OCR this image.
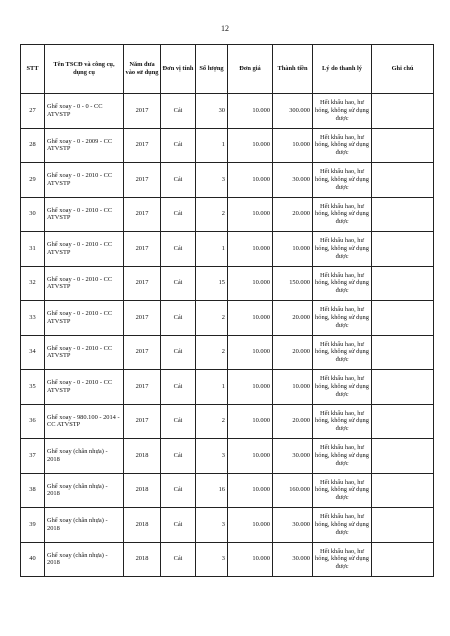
12
STT	Tên TSCĐ và công cụ, dụng cụ	Năm đưa vào sử dụng	Đơn vị tính	Số lượng	Đơn giá	Thành tiền	Lý do thanh lý	Ghi chú
27	Ghế xoay - 0 - 0 - CC ATVSTP	2017	Cái	30	10.000	300.000	Hết khấu hao, hư hỏng, không sử dụng được	
28	Ghế xoay - 0 - 2009 - CC ATVSTP	2017	Cái	1	10.000	10.000	Hết khấu hao, hư hỏng, không sử dụng được	
29	Ghế xoay - 0 - 2010 - CC ATVSTP	2017	Cái	3	10.000	30.000	Hết khấu hao, hư hỏng, không sử dụng được	
30	Ghế xoay - 0 - 2010 - CC ATVSTP	2017	Cái	2	10.000	20.000	Hết khấu hao, hư hỏng, không sử dụng được	
31	Ghế xoay - 0 - 2010 - CC ATVSTP	2017	Cái	1	10.000	10.000	Hết khấu hao, hư hỏng, không sử dụng được	
32	Ghế xoay - 0 - 2010 - CC ATVSTP	2017	Cái	15	10.000	150.000	Hết khấu hao, hư hỏng, không sử dụng được	
33	Ghế xoay - 0 - 2010 - CC ATVSTP	2017	Cái	2	10.000	20.000	Hết khấu hao, hư hỏng, không sử dụng được	
34	Ghế xoay - 0 - 2010 - CC ATVSTP	2017	Cái	2	10.000	20.000	Hết khấu hao, hư hỏng, không sử dụng được	
35	Ghế xoay - 0 - 2010 - CC ATVSTP	2017	Cái	1	10.000	10.000	Hết khấu hao, hư hỏng, không sử dụng được	
36	Ghế xoay - 980.100 - 2014 - CC ATVSTP	2017	Cái	2	10.000	20.000	Hết khấu hao, hư hỏng, không sử dụng được	
37	Ghế xoay (chân nhựa) - 2018	2018	Cái	3	10.000	30.000	Hết khấu hao, hư hỏng, không sử dụng được	
38	Ghế xoay (chân nhựa) - 2018	2018	Cái	16	10.000	160.000	Hết khấu hao, hư hỏng, không sử dụng được	
39	Ghế xoay (chân nhựa) - 2018	2018	Cái	3	10.000	30.000	Hết khấu hao, hư hỏng, không sử dụng được	
40	Ghế xoay (chân nhựa) - 2018	2018	Cái	3	10.000	30.000	Hết khấu hao, hư hỏng, không sử dụng được	
